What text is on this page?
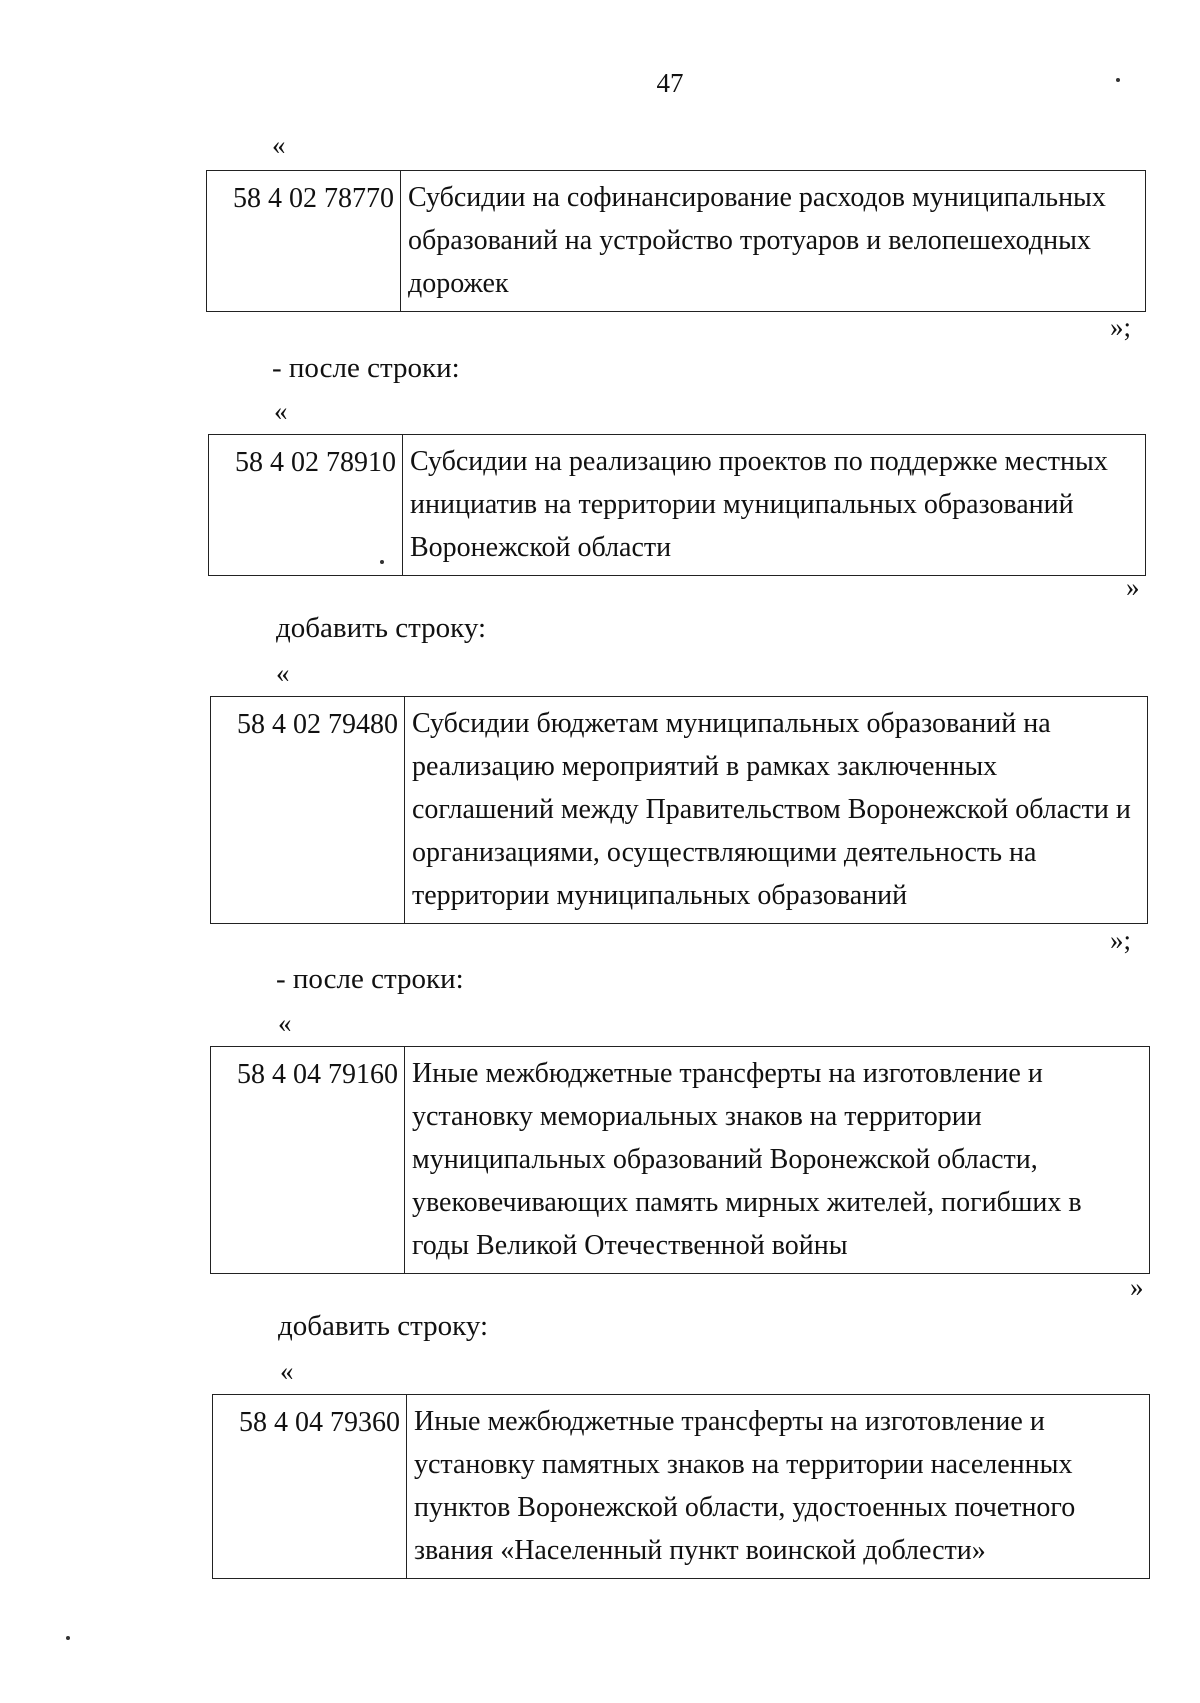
47
«
58 4 02 78770	Субсидии на софинансирование расходов муниципальных образований на устройство тротуаров и велопешеходных дорожек
»;
- после строки:
«
58 4 02 78910	Субсидии на реализацию проектов по поддержке местных инициатив на территории муниципальных образований Воронежской области
»
добавить строку:
«
58 4 02 79480	Субсидии бюджетам муниципальных образований на реализацию мероприятий в рамках заключенных соглашений между Правительством Воронежской области и организациями, осуществляющими деятельность на территории муниципальных образований
»;
- после строки:
«
58 4 04 79160	Иные межбюджетные трансферты на изготовление и установку мемориальных знаков на территории муниципальных образований Воронежской области, увековечивающих память мирных жителей, погибших в годы Великой Отечественной войны
»
добавить строку:
«
58 4 04 79360	Иные межбюджетные трансферты на изготовление и установку памятных знаков на территории населенных пунктов Воронежской области, удостоенных почетного звания «Населенный пункт воинской доблести»
